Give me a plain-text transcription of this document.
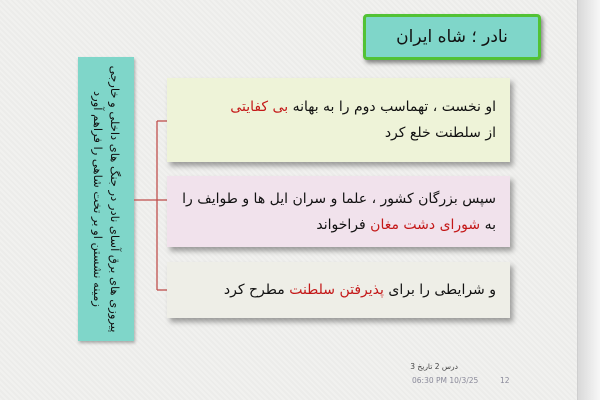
نادر ؛ شاه ایران
پیروزی های برق آسای نادر در جنگ های داخلی و خارجی زمینه نشستن او بر تخت شاهی را فراهم آورد	او نخست ، تهماسب دوم را به بهانه بی کفایتی
از سلطنت خلع کرد
سپس بزرگان کشور ، علما و سران ایل ها و طوایف را
به شورای دشت مغان فراخواند
و شرایطی را برای پذیرفتن سلطنت مطرح کرد
درس 2 تاریخ 3
06:30 PM 10/3/25	12
